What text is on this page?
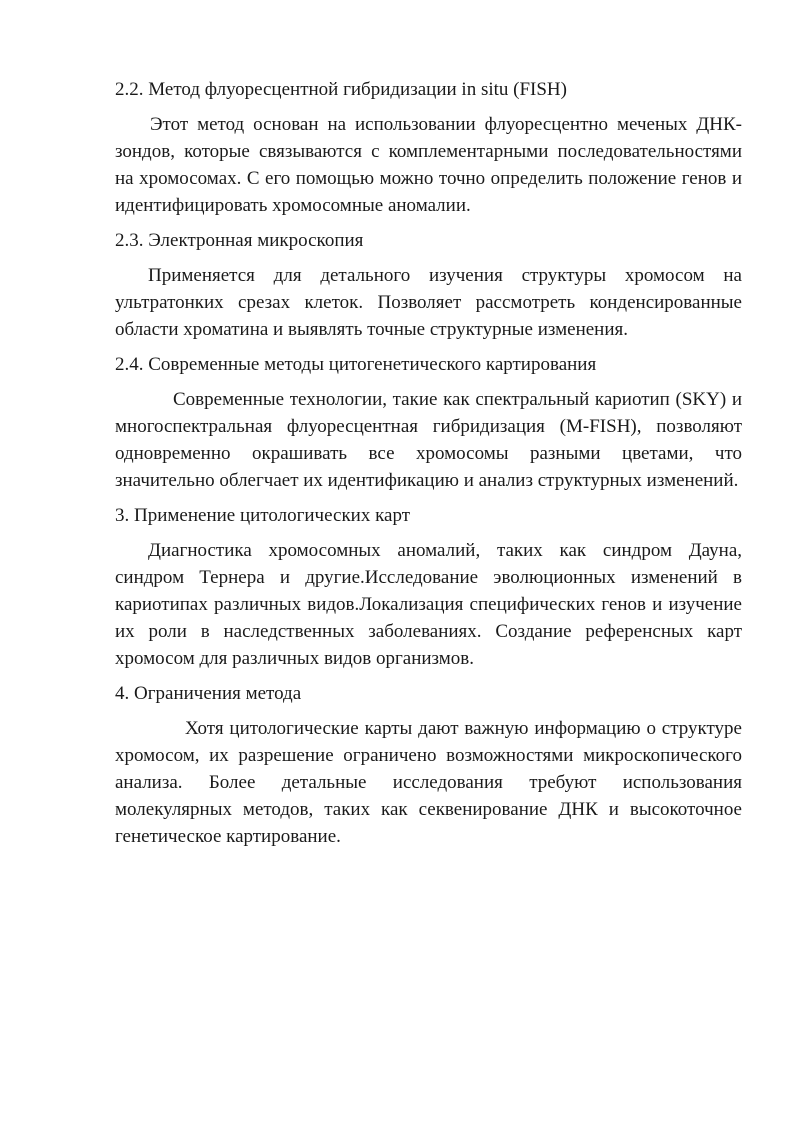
2.2. Метод флуоресцентной гибридизации in situ (FISH)

Этот метод основан на использовании флуоресцентно меченых ДНК-зондов, которые связываются с комплементарными последовательностями на хромосомах. С его помощью можно точно определить положение генов и идентифицировать хромосомные аномалии.

2.3. Электронная микроскопия

Применяется для детального изучения структуры хромосом на ультратонких срезах клеток. Позволяет рассмотреть конденсированные области хроматина и выявлять точные структурные изменения.

2.4. Современные методы цитогенетического картирования

Современные технологии, такие как спектральный кариотип (SKY) и многоспектральная флуоресцентная гибридизация (M-FISH), позволяют одновременно окрашивать все хромосомы разными цветами, что значительно облегчает их идентификацию и анализ структурных изменений.

3. Применение цитологических карт

Диагностика хромосомных аномалий, таких как синдром Дауна, синдром Тернера и другие.Исследование эволюционных изменений в кариотипах различных видов.Локализация специфических генов и изучение их роли в наследственных заболеваниях. Создание референсных карт хромосом для различных видов организмов.

4. Ограничения метода

Хотя цитологические карты дают важную информацию о структуре хромосом, их разрешение ограничено возможностями микроскопического анализа. Более детальные исследования требуют использования молекулярных методов, таких как секвенирование ДНК и высокоточное генетическое картирование.
